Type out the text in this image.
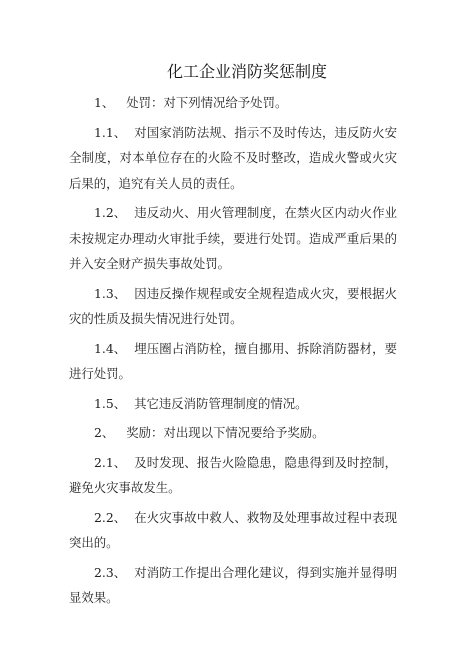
化工企业消防奖惩制度

1、 处罚：对下列情况给予处罚。

1.1、 对国家消防法规、指示不及时传达，违反防火安全制度，对本单位存在的火险不及时整改，造成火警或火灾后果的，追究有关人员的责任。

1.2、 违反动火、用火管理制度，在禁火区内动火作业未按规定办理动火审批手续，要进行处罚。造成严重后果的并入安全财产损失事故处罚。

1.3、 因违反操作规程或安全规程造成火灾，要根据火灾的性质及损失情况进行处罚。

1.4、 埋压圈占消防栓，擅自挪用、拆除消防器材，要进行处罚。

1.5、 其它违反消防管理制度的情况。

2、 奖励：对出现以下情况要给予奖励。

2.1、 及时发现、报告火险隐患，隐患得到及时控制，避免火灾事故发生。

2.2、 在火灾事故中救人、救物及处理事故过程中表现突出的。

2.3、 对消防工作提出合理化建议，得到实施并显得明显效果。
